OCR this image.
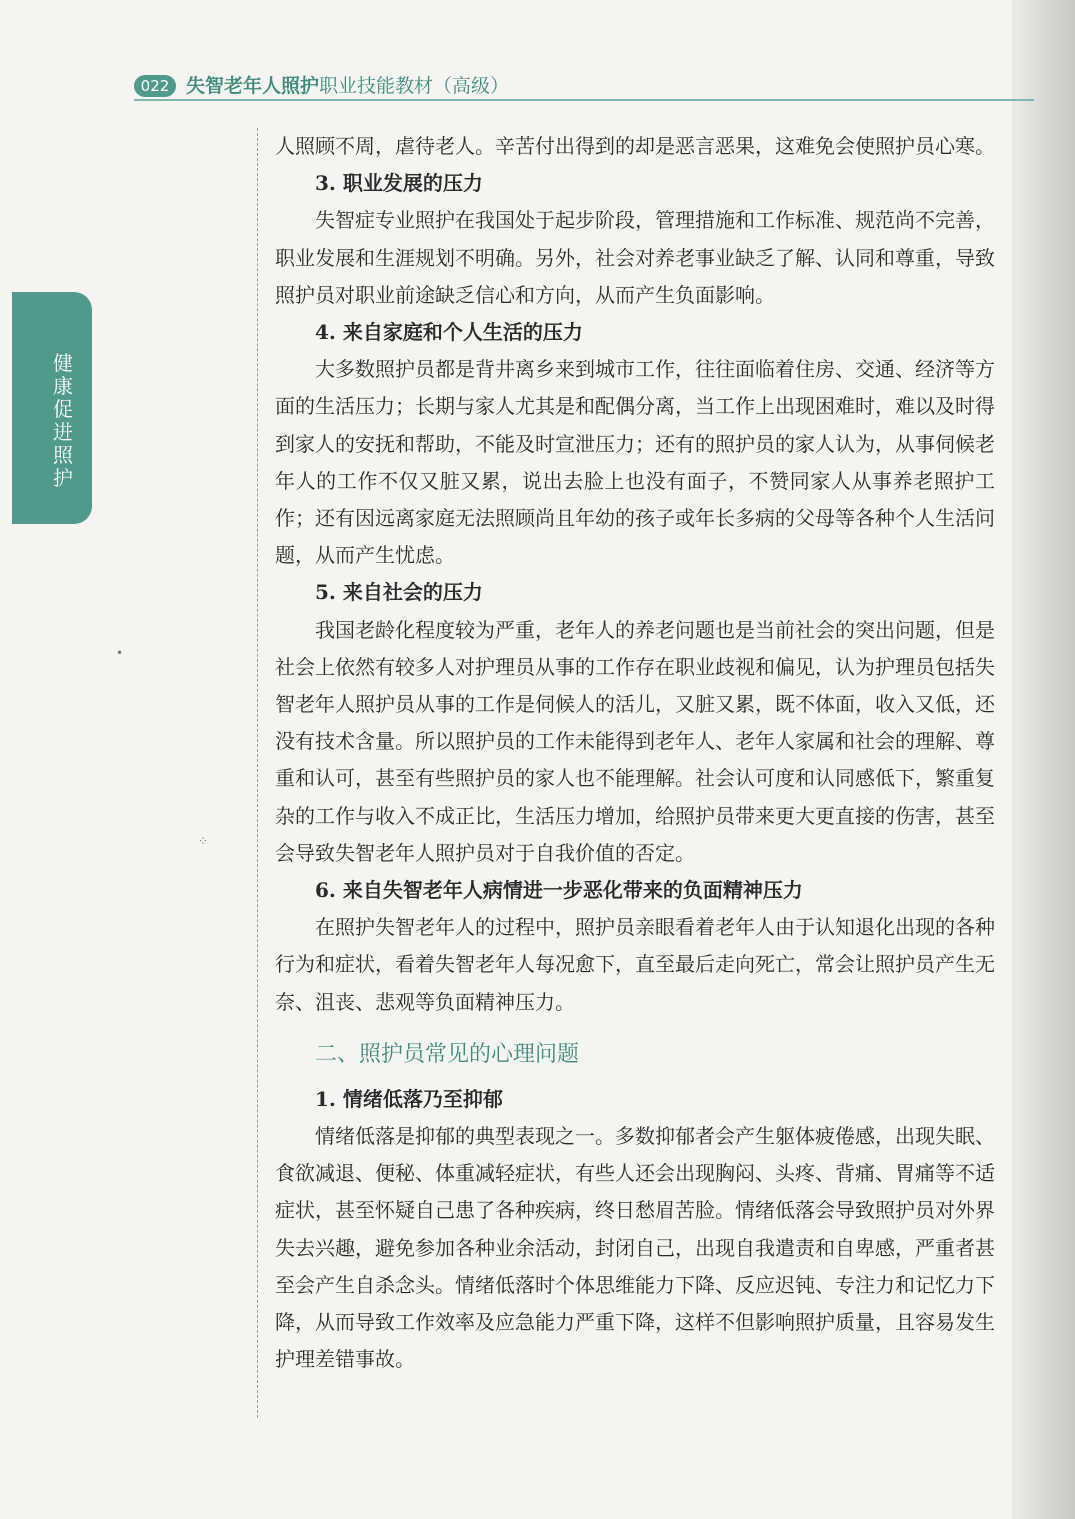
022 失智老年人照护职业技能教材（高级）
健
康
促
进
照
护
•
⁘

人照顾不周，虐待老人。辛苦付出得到的却是恶言恶果，这难免会使照护员心寒。

3. 职业发展的压力

失智症专业照护在我国处于起步阶段，管理措施和工作标准、规范尚不完善，职业发展和生涯规划不明确。另外，社会对养老事业缺乏了解、认同和尊重，导致照护员对职业前途缺乏信心和方向，从而产生负面影响。

4. 来自家庭和个人生活的压力

大多数照护员都是背井离乡来到城市工作，往往面临着住房、交通、经济等方面的生活压力；长期与家人尤其是和配偶分离，当工作上出现困难时，难以及时得到家人的安抚和帮助，不能及时宣泄压力；还有的照护员的家人认为，从事伺候老年人的工作不仅又脏又累，说出去脸上也没有面子，不赞同家人从事养老照护工作；还有因远离家庭无法照顾尚且年幼的孩子或年长多病的父母等各种个人生活问题，从而产生忧虑。

5. 来自社会的压力

我国老龄化程度较为严重，老年人的养老问题也是当前社会的突出问题，但是社会上依然有较多人对护理员从事的工作存在职业歧视和偏见，认为护理员包括失智老年人照护员从事的工作是伺候人的活儿，又脏又累，既不体面，收入又低，还没有技术含量。所以照护员的工作未能得到老年人、老年人家属和社会的理解、尊重和认可，甚至有些照护员的家人也不能理解。社会认可度和认同感低下，繁重复杂的工作与收入不成正比，生活压力增加，给照护员带来更大更直接的伤害，甚至会导致失智老年人照护员对于自我价值的否定。

6. 来自失智老年人病情进一步恶化带来的负面精神压力

在照护失智老年人的过程中，照护员亲眼看着老年人由于认知退化出现的各种行为和症状，看着失智老年人每况愈下，直至最后走向死亡，常会让照护员产生无奈、沮丧、悲观等负面精神压力。

二、照护员常见的心理问题

1. 情绪低落乃至抑郁

情绪低落是抑郁的典型表现之一。多数抑郁者会产生躯体疲倦感，出现失眠、食欲减退、便秘、体重减轻症状，有些人还会出现胸闷、头疼、背痛、胃痛等不适症状，甚至怀疑自己患了各种疾病，终日愁眉苦脸。情绪低落会导致照护员对外界失去兴趣，避免参加各种业余活动，封闭自己，出现自我遣责和自卑感，严重者甚至会产生自杀念头。情绪低落时个体思维能力下降、反应迟钝、专注力和记忆力下降，从而导致工作效率及应急能力严重下降，这样不但影响照护质量，且容易发生护理差错事故。
